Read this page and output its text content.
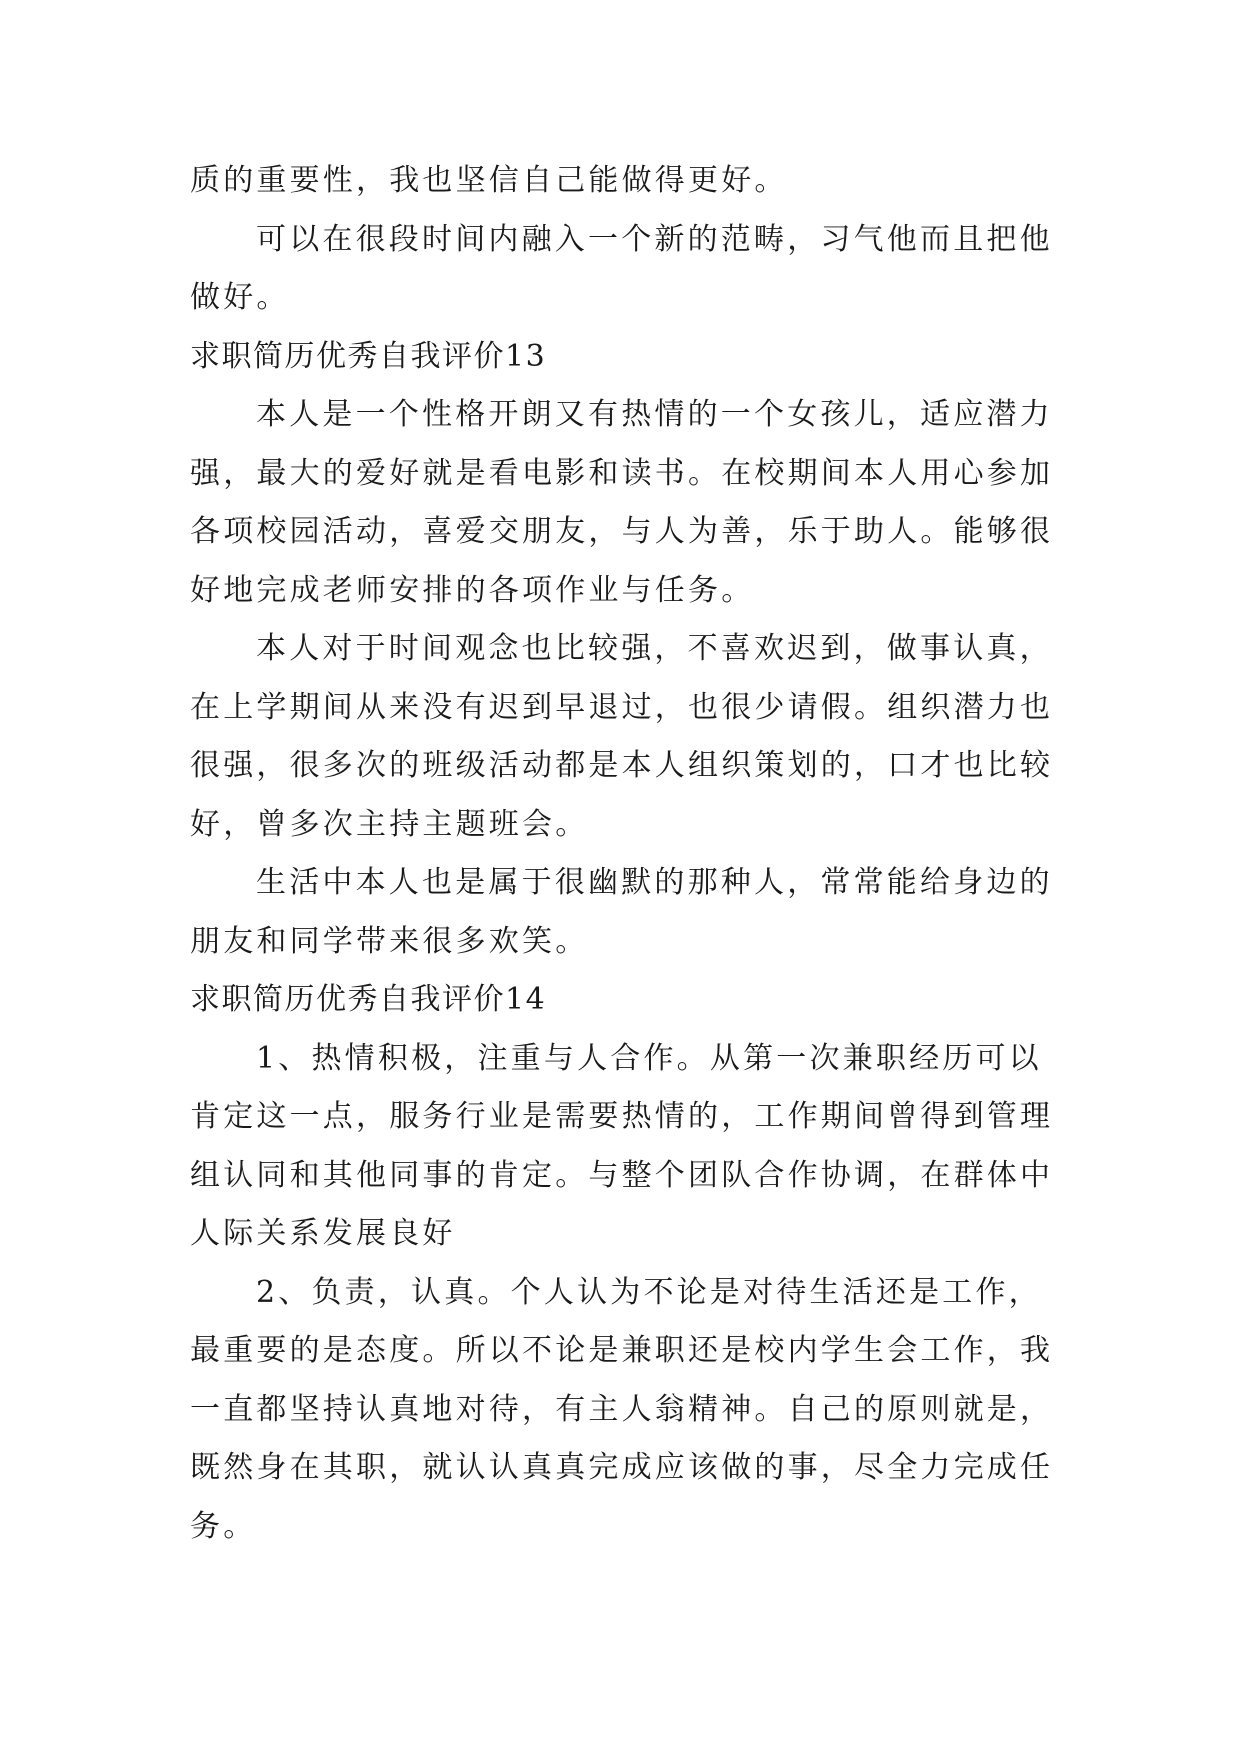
质的重要性，我也坚信自己能做得更好。

可以在很段时间内融入一个新的范畴，习气他而且把他做好。

求职简历优秀自我评价13

本人是一个性格开朗又有热情的一个女孩儿，适应潜力强，最大的爱好就是看电影和读书。在校期间本人用心参加各项校园活动，喜爱交朋友，与人为善，乐于助人。能够很好地完成老师安排的各项作业与任务。

本人对于时间观念也比较强，不喜欢迟到，做事认真，在上学期间从来没有迟到早退过，也很少请假。组织潜力也很强，很多次的班级活动都是本人组织策划的，口才也比较好，曾多次主持主题班会。

生活中本人也是属于很幽默的那种人，常常能给身边的朋友和同学带来很多欢笑。

求职简历优秀自我评价14

1、热情积极，注重与人合作。从第一次兼职经历可以肯定这一点，服务行业是需要热情的，工作期间曾得到管理组认同和其他同事的肯定。与整个团队合作协调，在群体中人际关系发展良好

2、负责，认真。个人认为不论是对待生活还是工作，最重要的是态度。所以不论是兼职还是校内学生会工作，我一直都坚持认真地对待，有主人翁精神。自己的原则就是，既然身在其职，就认认真真完成应该做的事，尽全力完成任务。
